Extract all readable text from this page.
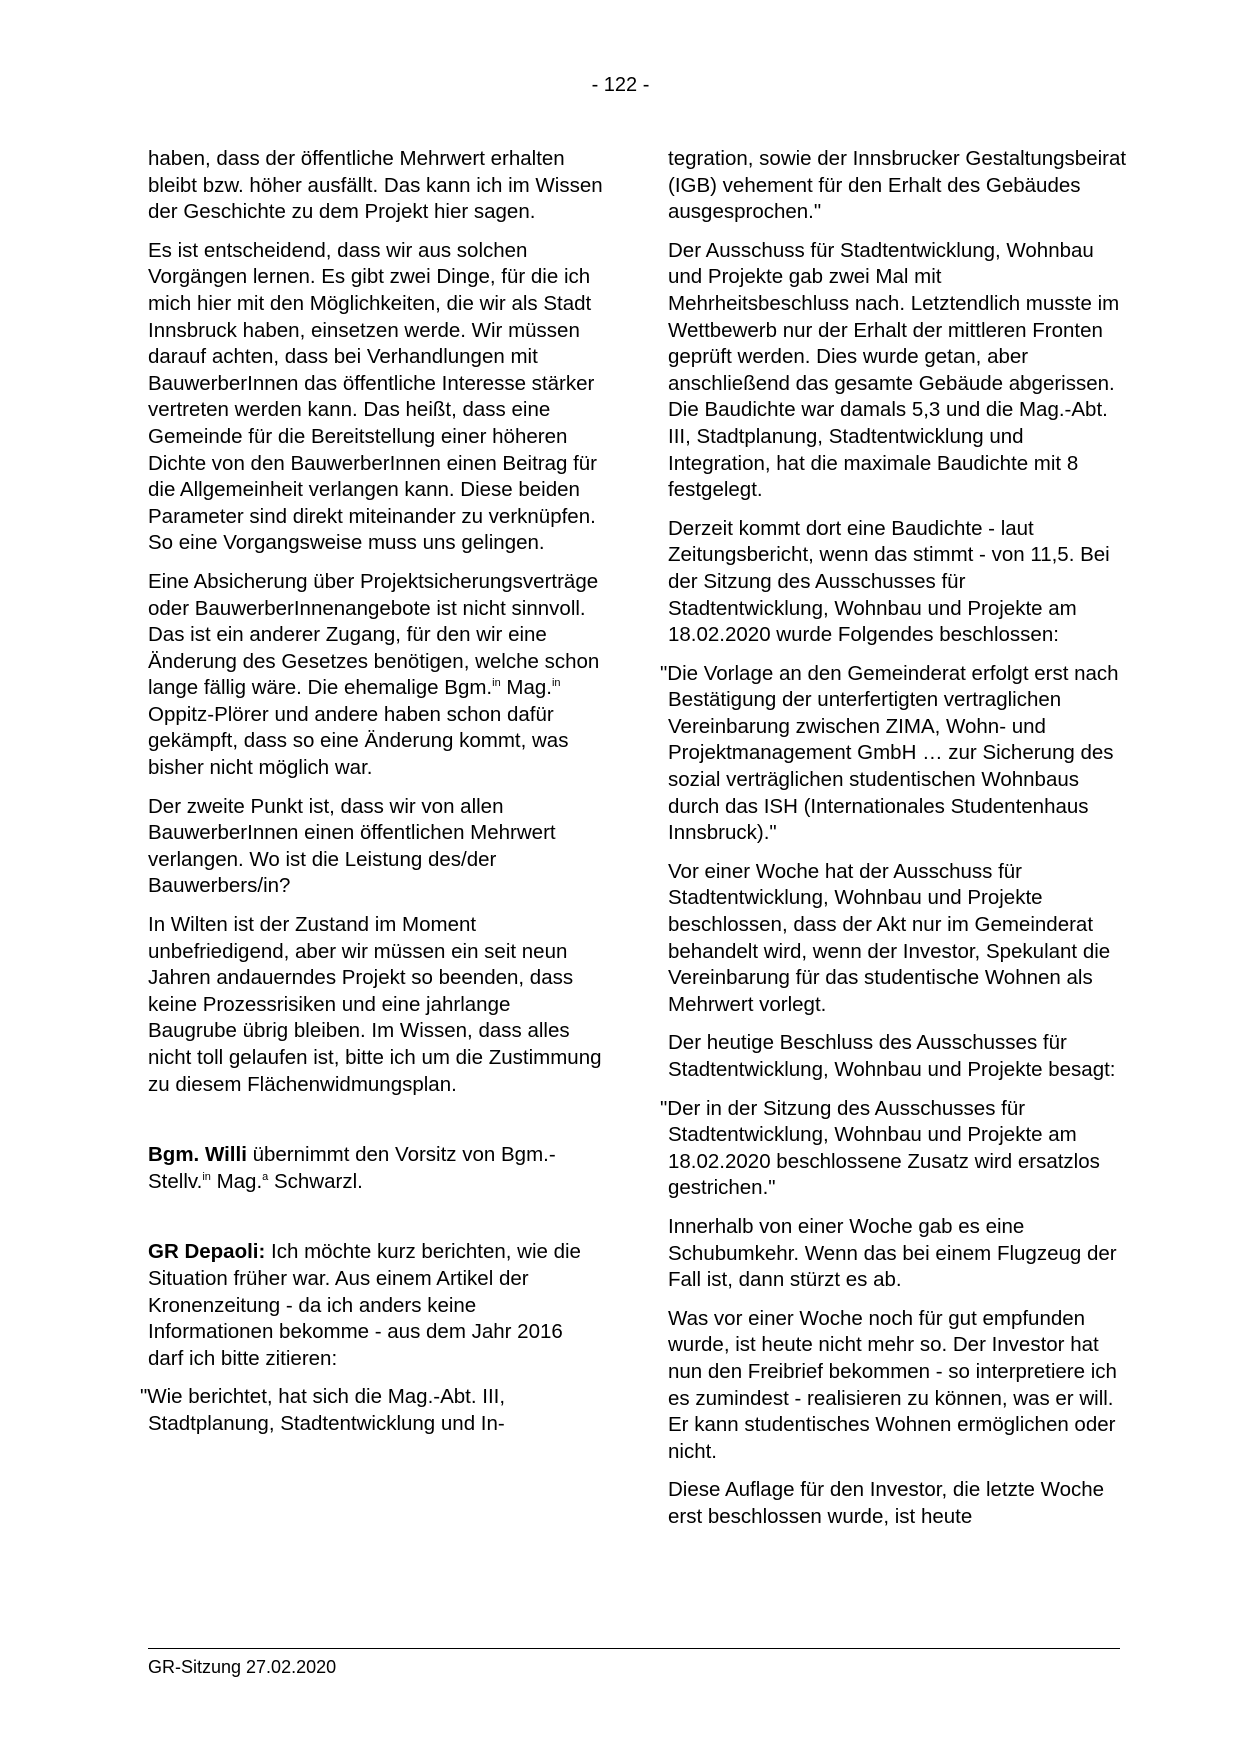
- 122 -

haben, dass der öffentliche Mehrwert erhalten bleibt bzw. höher ausfällt. Das kann ich im Wissen der Geschichte zu dem Projekt hier sagen.

Es ist entscheidend, dass wir aus solchen Vorgängen lernen. Es gibt zwei Dinge, für die ich mich hier mit den Möglichkeiten, die wir als Stadt Innsbruck haben, einsetzen werde. Wir müssen darauf achten, dass bei Verhandlungen mit BauwerberInnen das öffentliche Interesse stärker vertreten werden kann. Das heißt, dass eine Gemeinde für die Bereitstellung einer höheren Dichte von den BauwerberInnen einen Beitrag für die Allgemeinheit verlangen kann. Diese beiden Parameter sind direkt miteinander zu verknüpfen. So eine Vorgangsweise muss uns gelingen.

Eine Absicherung über Projektsicherungsverträge oder BauwerberInnenangebote ist nicht sinnvoll. Das ist ein anderer Zugang, für den wir eine Änderung des Gesetzes benötigen, welche schon lange fällig wäre. Die ehemalige Bgm.$^{in}$ Mag.$^{in}$ Oppitz-Plörer und andere haben schon dafür gekämpft, dass so eine Änderung kommt, was bisher nicht möglich war.

Der zweite Punkt ist, dass wir von allen BauwerberInnen einen öffentlichen Mehrwert verlangen. Wo ist die Leistung des/der Bauwerbers/in?

In Wilten ist der Zustand im Moment unbefriedigend, aber wir müssen ein seit neun Jahren andauerndes Projekt so beenden, dass keine Prozessrisiken und eine jahrlange Baugrube übrig bleiben. Im Wissen, dass alles nicht toll gelaufen ist, bitte ich um die Zustimmung zu diesem Flächenwidmungsplan.

Bgm. Willi übernimmt den Vorsitz von Bgm.-Stellv.$^{in}$ Mag.$^a$ Schwarzl.

GR Depaoli: Ich möchte kurz berichten, wie die Situation früher war. Aus einem Artikel der Kronenzeitung - da ich anders keine Informationen bekomme - aus dem Jahr 2016 darf ich bitte zitieren:

"Wie berichtet, hat sich die Mag.-Abt. III, Stadtplanung, Stadtentwicklung und In-

tegration, sowie der Innsbrucker Gestaltungsbeirat (IGB) vehement für den Erhalt des Gebäudes ausgesprochen."

Der Ausschuss für Stadtentwicklung, Wohnbau und Projekte gab zwei Mal mit Mehrheitsbeschluss nach. Letztendlich musste im Wettbewerb nur der Erhalt der mittleren Fronten geprüft werden. Dies wurde getan, aber anschließend das gesamte Gebäude abgerissen. Die Baudichte war damals 5,3 und die Mag.-Abt. III, Stadtplanung, Stadtentwicklung und Integration, hat die maximale Baudichte mit 8 festgelegt.

Derzeit kommt dort eine Baudichte - laut Zeitungsbericht, wenn das stimmt - von 11,5. Bei der Sitzung des Ausschusses für Stadtentwicklung, Wohnbau und Projekte am 18.02.2020 wurde Folgendes beschlossen:

"Die Vorlage an den Gemeinderat erfolgt erst nach Bestätigung der unterfertigten vertraglichen Vereinbarung zwischen ZIMA, Wohn- und Projektmanagement GmbH … zur Sicherung des sozial verträglichen studentischen Wohnbaus durch das ISH (Internationales Studentenhaus Innsbruck)."

Vor einer Woche hat der Ausschuss für Stadtentwicklung, Wohnbau und Projekte beschlossen, dass der Akt nur im Gemeinderat behandelt wird, wenn der Investor, Spekulant die Vereinbarung für das studentische Wohnen als Mehrwert vorlegt.

Der heutige Beschluss des Ausschusses für Stadtentwicklung, Wohnbau und Projekte besagt:

"Der in der Sitzung des Ausschusses für Stadtentwicklung, Wohnbau und Projekte am 18.02.2020 beschlossene Zusatz wird ersatzlos gestrichen."

Innerhalb von einer Woche gab es eine Schubumkehr. Wenn das bei einem Flugzeug der Fall ist, dann stürzt es ab.

Was vor einer Woche noch für gut empfunden wurde, ist heute nicht mehr so. Der Investor hat nun den Freibrief bekommen - so interpretiere ich es zumindest - realisieren zu können, was er will. Er kann studentisches Wohnen ermöglichen oder nicht.

Diese Auflage für den Investor, die letzte Woche erst beschlossen wurde, ist heute

GR-Sitzung 27.02.2020
